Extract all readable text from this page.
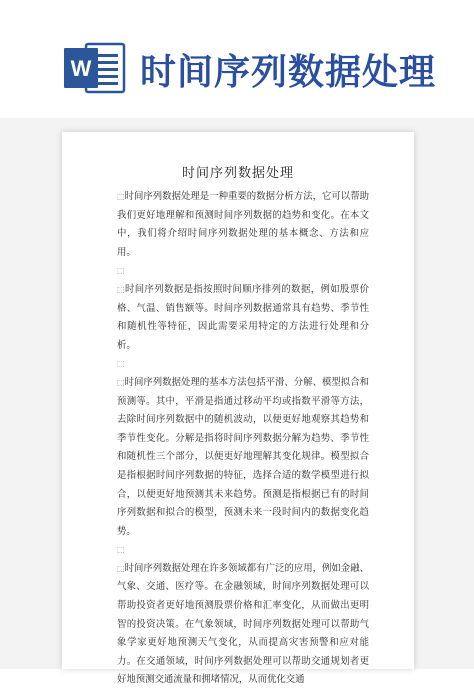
W 时间序列数据处理
时间序列数据处理

⬚时间序列数据处理是一种重要的数据分析方法，它可以帮助我们更好地理解和预测时间序列数据的趋势和变化。在本文中，我们将介绍时间序列数据处理的基本概念、方法和应用。

⬚

⬚时间序列数据是指按照时间顺序排列的数据，例如股票价格、气温、销售额等。时间序列数据通常具有趋势、季节性和随机性等特征，因此需要采用特定的方法进行处理和分析。

⬚

⬚时间序列数据处理的基本方法包括平滑、分解、模型拟合和预测等。其中，平滑是指通过移动平均或指数平滑等方法，去除时间序列数据中的随机波动，以便更好地观察其趋势和季节性变化。分解是指将时间序列数据分解为趋势、季节性和随机性三个部分，以便更好地理解其变化规律。模型拟合是指根据时间序列数据的特征，选择合适的数学模型进行拟合，以便更好地预测其未来趋势。预测是指根据已有的时间序列数据和拟合的模型，预测未来一段时间内的数据变化趋势。

⬚

⬚时间序列数据处理在许多领域都有广泛的应用，例如金融、气象、交通、医疗等。在金融领域，时间序列数据处理可以帮助投资者更好地预测股票价格和汇率变化，从而做出更明智的投资决策。在气象领域，时间序列数据处理可以帮助气象学家更好地预测天气变化，从而提高灾害预警和应对能力。在交通领域，时间序列数据处理可以帮助交通规划者更好地预测交通流量和拥堵情况，从而优化交通
